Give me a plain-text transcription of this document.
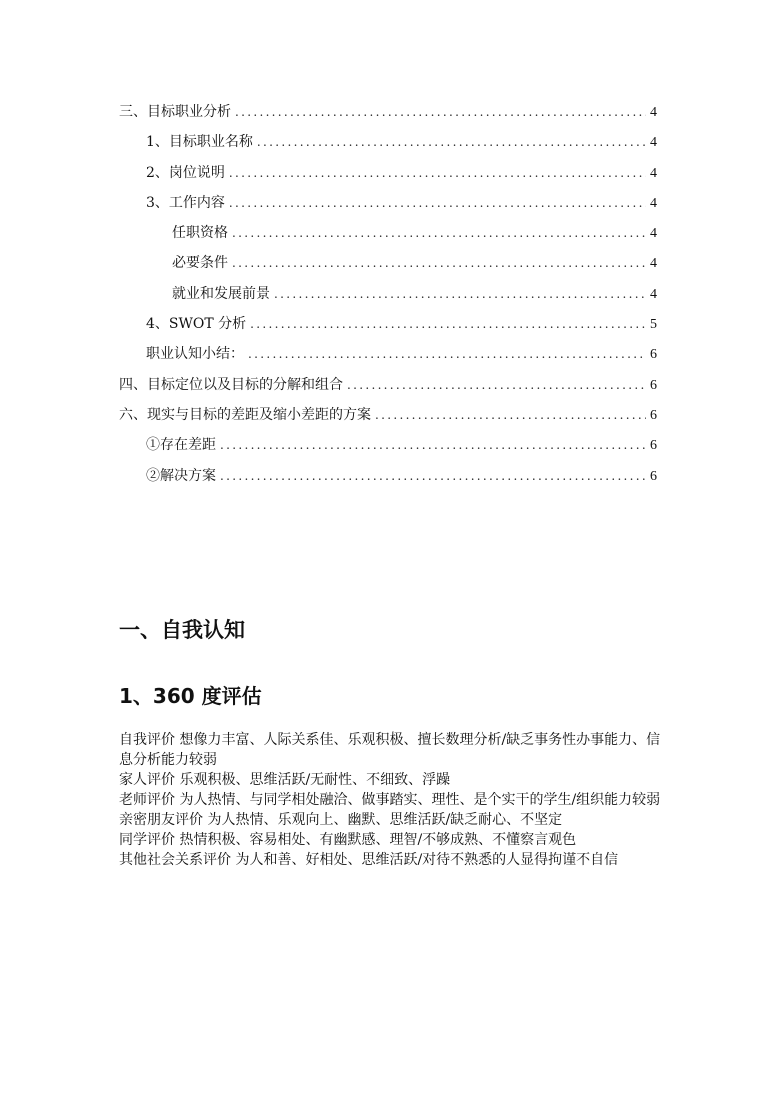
三、目标职业分析 .....	4
1、目标职业名称 .....	4
2、岗位说明 .....	4
3、工作内容 .....	4
任职资格 .....	4
必要条件 .....	4
就业和发展前景 .....	4
4、SWOT 分析 .....	5
职业认知小结： .....	6
四、目标定位以及目标的分解和组合 .....	6
六、现实与目标的差距及缩小差距的方案 .....	6
①存在差距 .....	6
②解决方案 .....	6
一、自我认知
1、360 度评估

自我评价 想像力丰富、人际关系佳、乐观积极、擅长数理分析/缺乏事务性办事能力、信息分析能力较弱

家人评价 乐观积极、思维活跃/无耐性、不细致、浮躁

老师评价 为人热情、与同学相处融洽、做事踏实、理性、是个实干的学生/组织能力较弱

亲密朋友评价 为人热情、乐观向上、幽默、思维活跃/缺乏耐心、不坚定

同学评价 热情积极、容易相处、有幽默感、理智/不够成熟、不懂察言观色

其他社会关系评价 为人和善、好相处、思维活跃/对待不熟悉的人显得拘谨不自信
